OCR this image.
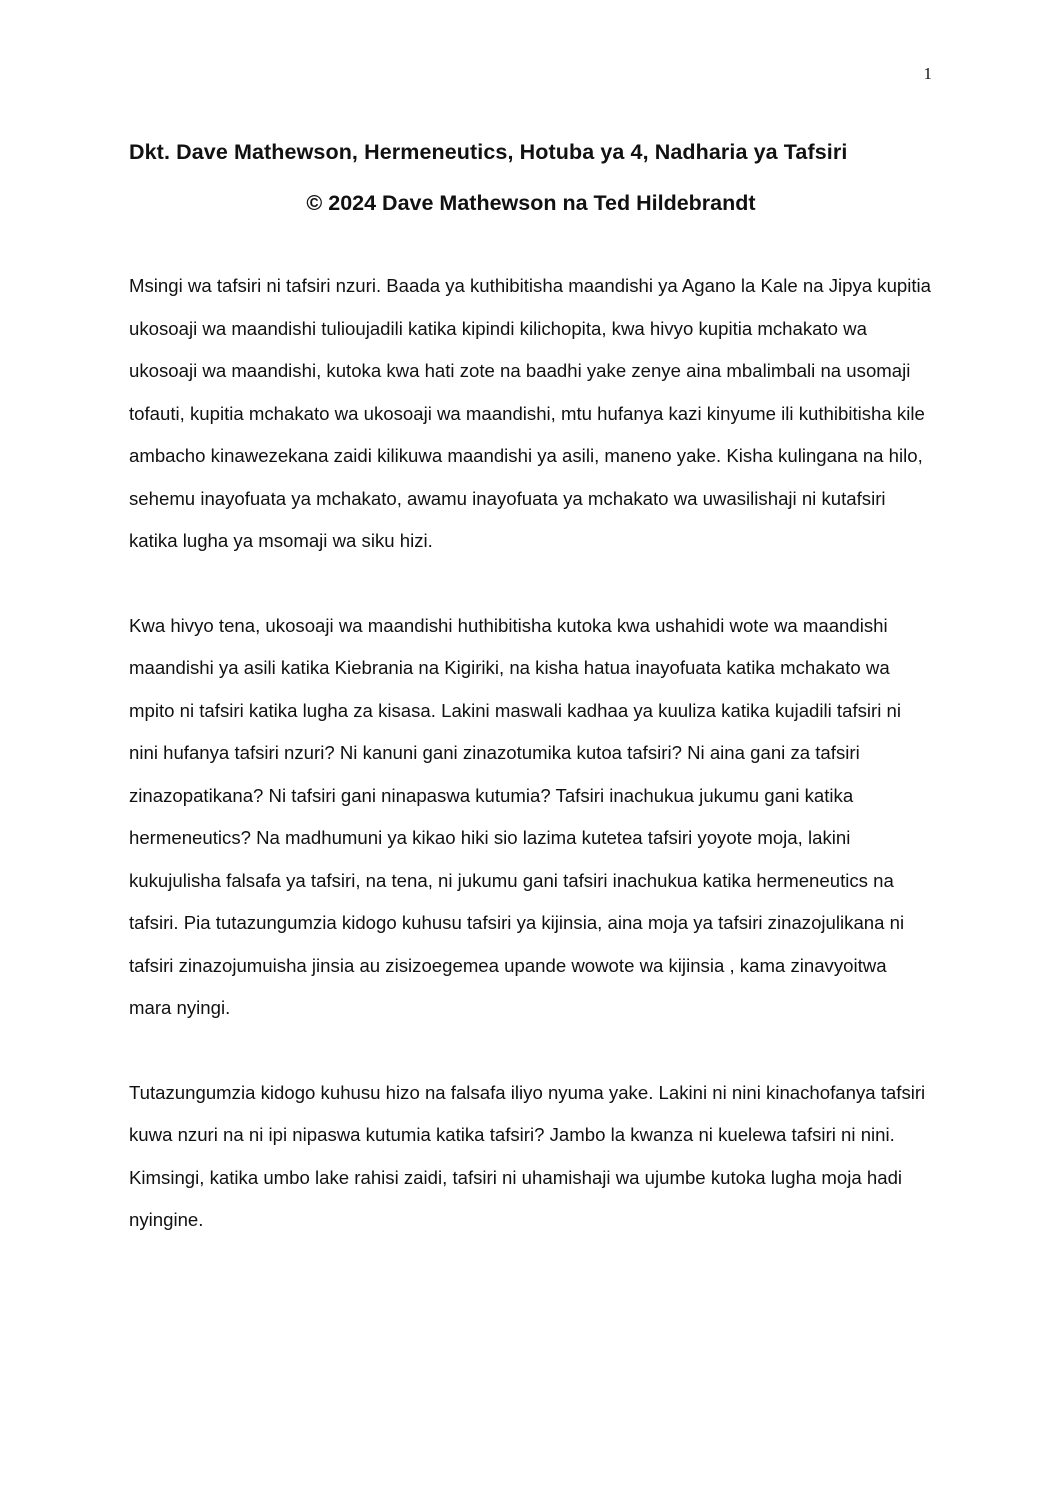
1
Dkt. Dave Mathewson, Hermeneutics, Hotuba ya 4, Nadharia ya Tafsiri
© 2024 Dave Mathewson na Ted Hildebrandt

Msingi wa tafsiri ni tafsiri nzuri. Baada ya kuthibitisha maandishi ya Agano la Kale na Jipya kupitia ukosoaji wa maandishi tulioujadili katika kipindi kilichopita, kwa hivyo kupitia mchakato wa ukosoaji wa maandishi, kutoka kwa hati zote na baadhi yake zenye aina mbalimbali na usomaji tofauti, kupitia mchakato wa ukosoaji wa maandishi, mtu hufanya kazi kinyume ili kuthibitisha kile ambacho kinawezekana zaidi kilikuwa maandishi ya asili, maneno yake. Kisha kulingana na hilo, sehemu inayofuata ya mchakato, awamu inayofuata ya mchakato wa uwasilishaji ni kutafsiri katika lugha ya msomaji wa siku hizi.

Kwa hivyo tena, ukosoaji wa maandishi huthibitisha kutoka kwa ushahidi wote wa maandishi maandishi ya asili katika Kiebrania na Kigiriki, na kisha hatua inayofuata katika mchakato wa mpito ni tafsiri katika lugha za kisasa. Lakini maswali kadhaa ya kuuliza katika kujadili tafsiri ni nini hufanya tafsiri nzuri? Ni kanuni gani zinazotumika kutoa tafsiri? Ni aina gani za tafsiri zinazopatikana? Ni tafsiri gani ninapaswa kutumia? Tafsiri inachukua jukumu gani katika hermeneutics? Na madhumuni ya kikao hiki sio lazima kutetea tafsiri yoyote moja, lakini kukujulisha falsafa ya tafsiri, na tena, ni jukumu gani tafsiri inachukua katika hermeneutics na tafsiri. Pia tutazungumzia kidogo kuhusu tafsiri ya kijinsia, aina moja ya tafsiri zinazojulikana ni tafsiri zinazojumuisha jinsia au zisizoegemea upande wowote wa kijinsia , kama zinavyoitwa mara nyingi.

Tutazungumzia kidogo kuhusu hizo na falsafa iliyo nyuma yake. Lakini ni nini kinachofanya tafsiri kuwa nzuri na ni ipi nipaswa kutumia katika tafsiri? Jambo la kwanza ni kuelewa tafsiri ni nini. Kimsingi, katika umbo lake rahisi zaidi, tafsiri ni uhamishaji wa ujumbe kutoka lugha moja hadi nyingine.
